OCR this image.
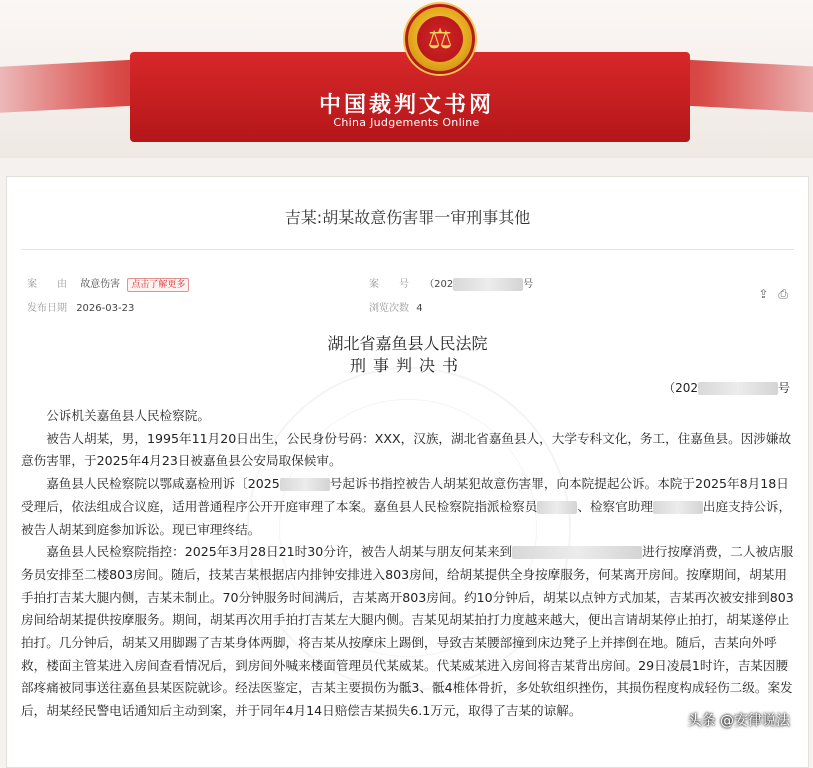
⚖
中国裁判文书网
China Judgements Online
吉某:胡某故意伤害罪一审刑事其他
案　　由 故意伤害 点击了解更多	案　　号 （202	号
发布日期 2026-03-23	浏览次数 4
⇪ ⎙
湖北省嘉鱼县人民法院
刑事判决书
（202	号

公诉机关嘉鱼县人民检察院。

被告人胡某，男，1995年11月20日出生，公民身份号码：XXX，汉族，湖北省嘉鱼县人，大学专科文化，务工，住嘉鱼县。因涉嫌故意伤害罪，于2025年4月23日被嘉鱼县公安局取保候审。

嘉鱼县人民检察院以鄂咸嘉检刑诉〔2025	号起诉书指控被告人胡某犯故意伤害罪，向本院提起公诉。本院于2025年8月18日受理后，依法组成合议庭，适用普通程序公开开庭审理了本案。嘉鱼县人民检察院指派检察员	、检察官助理	出庭支持公诉，被告人胡某到庭参加诉讼。现已审理终结。

嘉鱼县人民检察院指控：2025年3月28日21时30分许，被告人胡某与朋友何某来到	进行按摩消费，二人被店服务员安排至二楼803房间。随后，技某吉某根据店内排钟安排进入803房间，给胡某提供全身按摩服务，何某离开房间。按摩期间，胡某用手拍打吉某大腿内侧，吉某未制止。70分钟服务时间满后，吉某离开803房间。约10分钟后，胡某以点钟方式加某，吉某再次被安排到803房间给胡某提供按摩服务。期间，胡某再次用手拍打吉某左大腿内侧。吉某见胡某拍打力度越来越大，便出言请胡某停止拍打，胡某遂停止拍打。几分钟后，胡某又用脚踢了吉某身体两脚，将吉某从按摩床上踢倒，导致吉某腰部撞到床边凳子上并摔倒在地。随后，吉某向外呼救，楼面主管某进入房间查看情况后，到房间外喊来楼面管理员代某威某。代某威某进入房间将吉某背出房间。29日凌晨1时许，吉某因腰部疼痛被同事送往嘉鱼县某医院就诊。经法医鉴定，吉某主要损伤为骶3、骶4椎体骨折，多处软组织挫伤，其损伤程度构成轻伤二级。案发后，胡某经民警电话通知后主动到案，并于同年4月14日赔偿吉某损失6.1万元，取得了吉某的谅解。

头条 @安律说法
